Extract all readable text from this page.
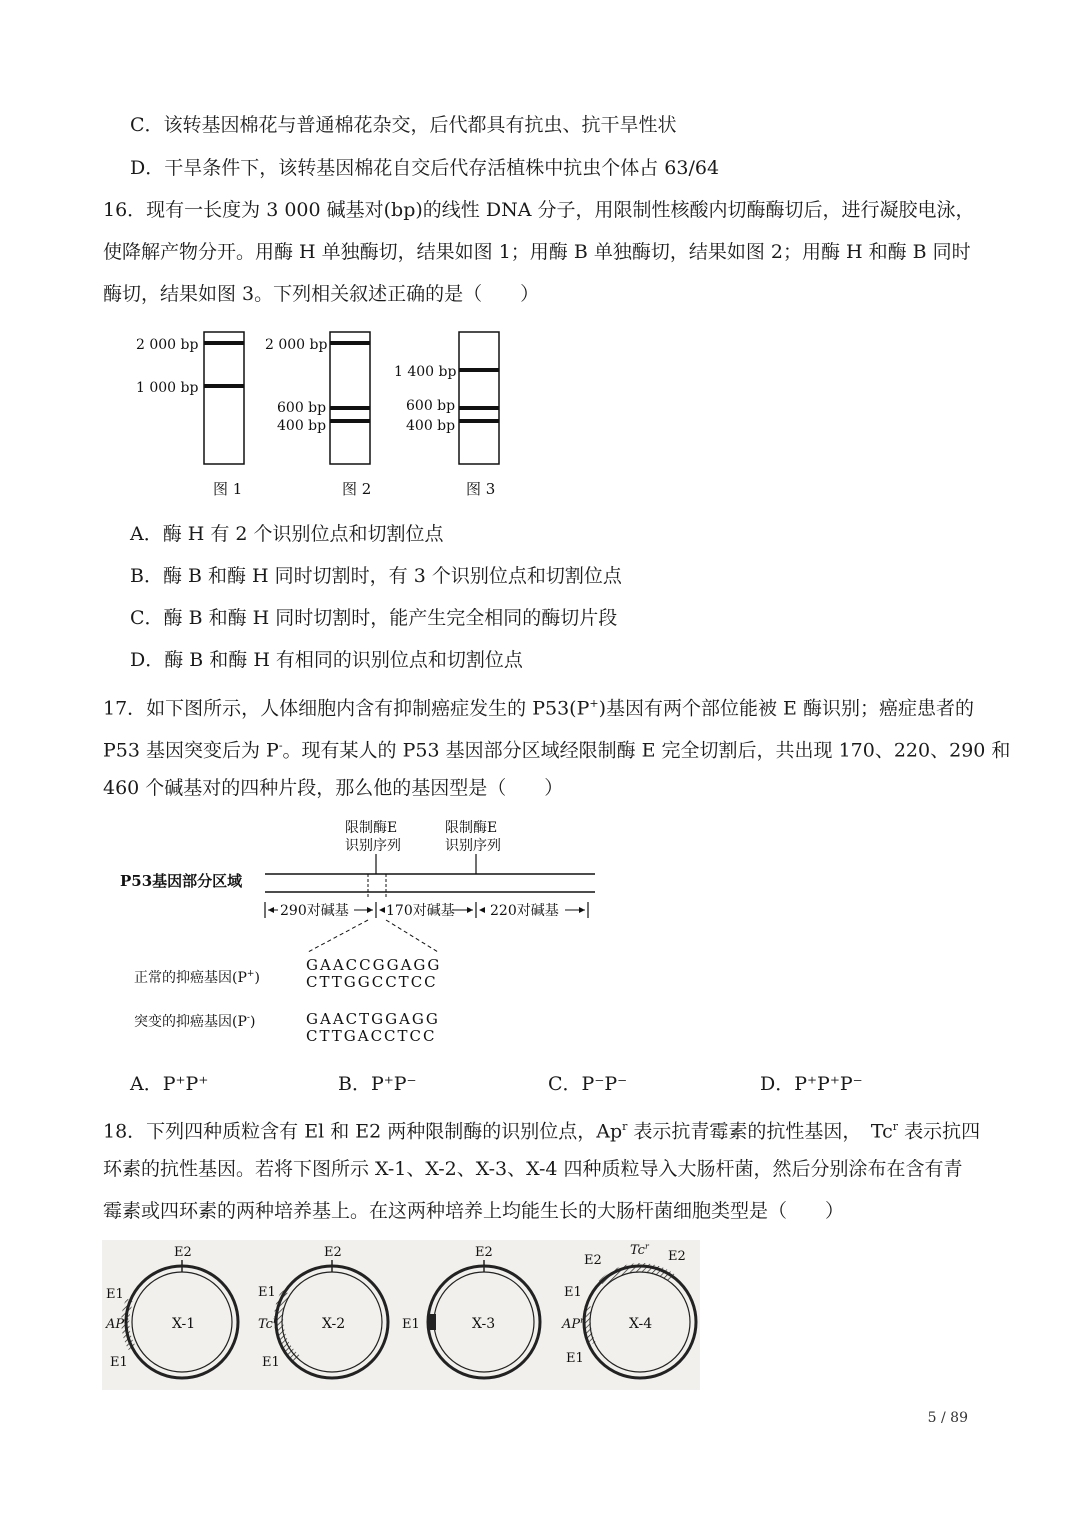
C．该转基因棉花与普通棉花杂交，后代都具有抗虫、抗干旱性状
D．干旱条件下，该转基因棉花自交后代存活植株中抗虫个体占 63/64
16．现有一长度为 3 000 碱基对(bp)的线性 DNA 分子，用限制性核酸内切酶酶切后，进行凝胶电泳，
使降解产物分开。用酶 H 单独酶切，结果如图 1；用酶 B 单独酶切，结果如图 2；用酶 H 和酶 B 同时
酶切，结果如图 3。下列相关叙述正确的是（　　）
2 000 bp
1 000 bp
图 1
2 000 bp
600 bp
400 bp
图 2
1 400 bp
600 bp
400 bp
图 3
A．酶 H 有 2 个识别位点和切割位点
B．酶 B 和酶 H 同时切割时，有 3 个识别位点和切割位点
C．酶 B 和酶 H 同时切割时，能产生完全相同的酶切片段
D．酶 B 和酶 H 有相同的识别位点和切割位点
17．如下图所示，人体细胞内含有抑制癌症发生的 P53(P+)基因有两个部位能被 E 酶识别；癌症患者的
P53 基因突变后为 P-。现有某人的 P53 基因部分区域经限制酶 E 完全切割后，共出现 170、220、290 和
460 个碱基对的四种片段，那么他的基因型是（　　）
限制酶E
识别序列
限制酶E
识别序列
P53基因部分区域
290对碱基	170对碱基	220对碱基
GAACCGGAGG
CTTGGCCTCC
正常的抑癌基因(P+)
GAACTGGAGG
CTTGACCTCC
突变的抑癌基因(P-)
A．P⁺P⁺	B．P⁺P⁻	C．P⁻P⁻	D．P⁺P⁺P⁻
18．下列四种质粒含有 El 和 E2 两种限制酶的识别位点，Ap$^r$ 表示抗青霉素的抗性基因，　Tc$^r$ 表示抗四
环素的抗性基因。若将下图所示 X-1、X-2、X-3、X-4 四种质粒导入大肠杆菌，然后分别涂布在含有青
霉素或四环素的两种培养基上。在这两种培养上均能生长的大肠杆菌细胞类型是（　　）
E2
E1
$AP^r$
E1
X-1
E2
E1
Tc$^r$
E1
X-2
E2
E1	X-3
E2
Tc$^r$
E2
E1
$AP^r$
E1
X-4
5 / 89
